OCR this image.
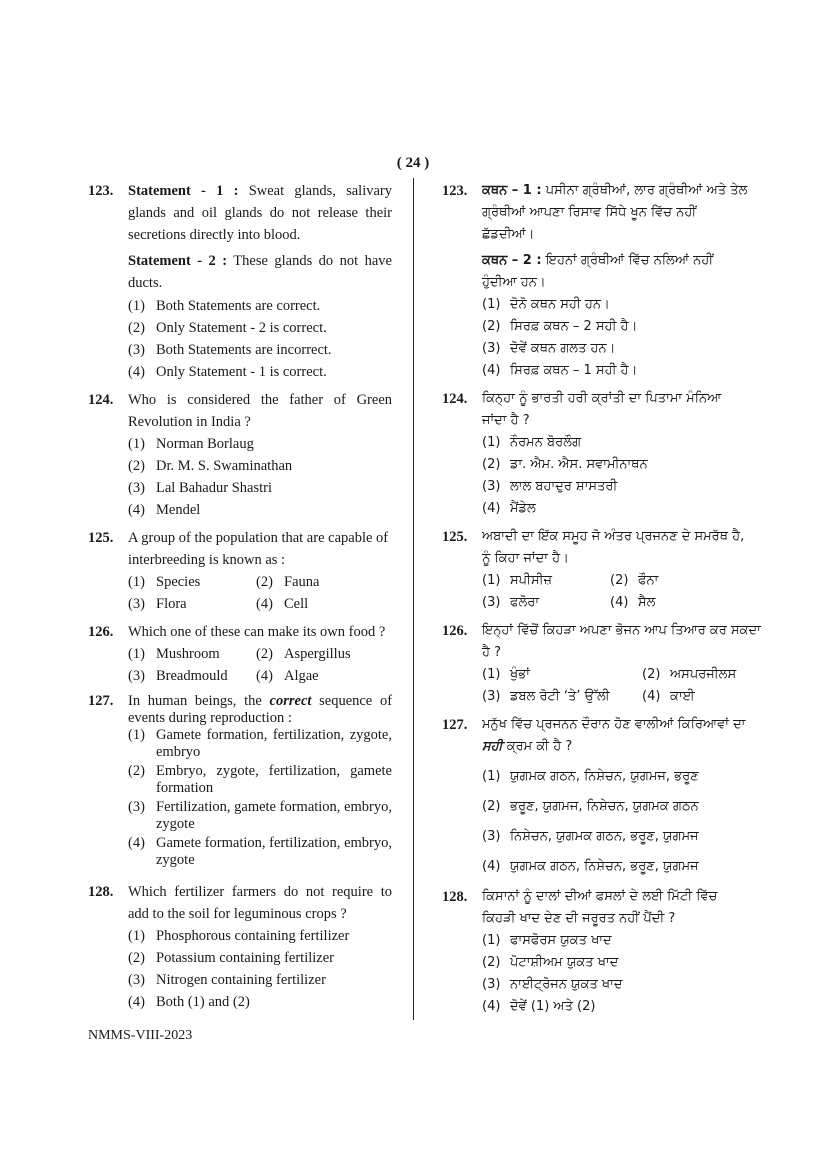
( 24 )
123.	Statement - 1 : Sweat glands, salivary glands and oil glands do not release their secretions directly into blood.
Statement - 2 : These glands do not have ducts.
(1) Both Statements are correct.
(2) Only Statement - 2 is correct.
(3) Both Statements are incorrect.
(4) Only Statement - 1 is correct.
124.	Who is considered the father of Green Revolution in India ?
(1) Norman Borlaug
(2) Dr. M. S. Swaminathan
(3) Lal Bahadur Shastri
(4) Mendel
125.	A group of the population that are capable of interbreeding is known as :
(1) Species	(2) Fauna
(3) Flora	(4) Cell
126.	Which one of these can make its own food ?
(1) Mushroom	(2) Aspergillus
(3) Breadmould (4) Algae
127.	In human beings, the correct sequence of events during reproduction :
(1) Gamete formation, fertilization, zygote, embryo
(2) Embryo, zygote, fertilization, gamete formation
(3) Fertilization, gamete formation, embryo, zygote
(4) Gamete formation, fertilization, embryo, zygote
128.	Which fertilizer farmers do not require to add to the soil for leguminous crops ?
(1) Phosphorous containing fertilizer
(2) Potassium containing fertilizer
(3) Nitrogen containing fertilizer
(4) Both (1) and (2)
123.	ਕਥਨ – 1 : ਪਸੀਨਾ ਗ੍ਰੰਥੀਆਂ, ਲਾਰ ਗ੍ਰੰਥੀਆਂ ਅਤੇ ਤੇਲ ਗ੍ਰੰਥੀਆਂ ਆਪਣਾ ਰਿਸਾਵ ਸਿੱਧੇ ਖੂਨ ਵਿੱਚ ਨਹੀਂ ਛੱਡਦੀਆਂ।
ਕਥਨ – 2 : ਇਹਨਾਂ ਗ੍ਰੰਥੀਆਂ ਵਿੱਚ ਨਲਿਆਂ ਨਹੀਂ ਹੁੰਦੀਆ ਹਨ।
(1) ਦੋਨੋ ਕਥਨ ਸਹੀ ਹਨ।
(2) ਸਿਰਫ਼ ਕਥਨ – 2 ਸਹੀ ਹੈ।
(3) ਦੋਵੇਂ ਕਥਨ ਗਲਤ ਹਨ।
(4) ਸਿਰਫ਼ ਕਥਨ – 1 ਸਹੀ ਹੈ।
124.	ਕਿਨ੍ਹਾ ਨੂੰ ਭਾਰਤੀ ਹਰੀ ਕ੍ਰਾਂਤੀ ਦਾ ਪਿਤਾਮਾ ਮੰਨਿਆ ਜਾਂਦਾ ਹੈ ?
(1) ਨੌਰਮਨ ਬੋਰਲੌਗ
(2) ਡਾ. ਐਮ. ਐਸ. ਸਵਾਮੀਨਾਥਨ
(3) ਲਾਲ ਬਹਾਦੁਰ ਸ਼ਾਸਤਰੀ
(4) ਮੈਂਡੇਲ
125.	ਅਬਾਦੀ ਦਾ ਇੱਕ ਸਮੂਹ ਜੋ ਅੰਤਰ ਪ੍ਰਜਨਣ ਦੇ ਸਮਰੱਥ ਹੈ, ਨੂੰ ਕਿਹਾ ਜਾਂਦਾ ਹੈ।
(1) ਸਪੀਸੀਜ਼	(2) ਫੌਨਾ
(3) ਫਲੋਰਾ	(4) ਸੈਲ
126.	ਇਨ੍ਹਾਂ ਵਿੱਚੋਂ ਕਿਹੜਾ ਅਪਣਾ ਭੋਜਨ ਆਪ ਤਿਆਰ ਕਰ ਸਕਦਾ ਹੈ ?
(1) ਖੁੰਭਾਂ	(2) ਅਸਪਰਜੀਲਸ
(3) ਡਬਲ ਰੋਟੀ ‘ਤੇ’ ਉੱਲੀ (4) ਕਾਈ
127.	ਮਨੁੱਖ ਵਿੱਚ ਪ੍ਰਜਨਨ ਦੌਰਾਨ ਹੋਣ ਵਾਲੀਆਂ ਕਿਰਿਆਵਾਂ ਦਾ ਸਹੀ ਕ੍ਰਮ ਕੀ ਹੈ ?
(1) ਯੁਗਮਕ ਗਠਨ, ਨਿਸ਼ੇਚਨ, ਯੁਗਮਜ, ਭਰੂਣ
(2) ਭਰੂਣ, ਯੁਗਮਜ, ਨਿਸ਼ੇਚਨ, ਯੁਗਮਕ ਗਠਨ
(3) ਨਿਸ਼ੇਚਨ, ਯੁਗਮਕ ਗਠਨ, ਭਰੂਣ, ਯੁਗਮਜ
(4) ਯੁਗਮਕ ਗਠਨ, ਨਿਸ਼ੇਚਨ, ਭਰੂਣ, ਯੁਗਮਜ
128.	ਕਿਸਾਨਾਂ ਨੂੰ ਦਾਲਾਂ ਦੀਆਂ ਫਸਲਾਂ ਦੇ ਲਈ ਮਿੱਟੀ ਵਿੱਚ ਕਿਹੜੀ ਖਾਦ ਦੇਣ ਦੀ ਜਰੂਰਤ ਨਹੀਂ ਪੈਂਦੀ ?
(1) ਫਾਸਫੋਰਸ ਯੁਕਤ ਖਾਦ
(2) ਪੋਟਾਸ਼ੀਅਮ ਯੁਕਤ ਖਾਦ
(3) ਨਾਈਟ੍ਰੋਜਨ ਯੁਕਤ ਖਾਦ
(4) ਦੋਵੇਂ (1) ਅਤੇ (2)
NMMS-VIII-2023
